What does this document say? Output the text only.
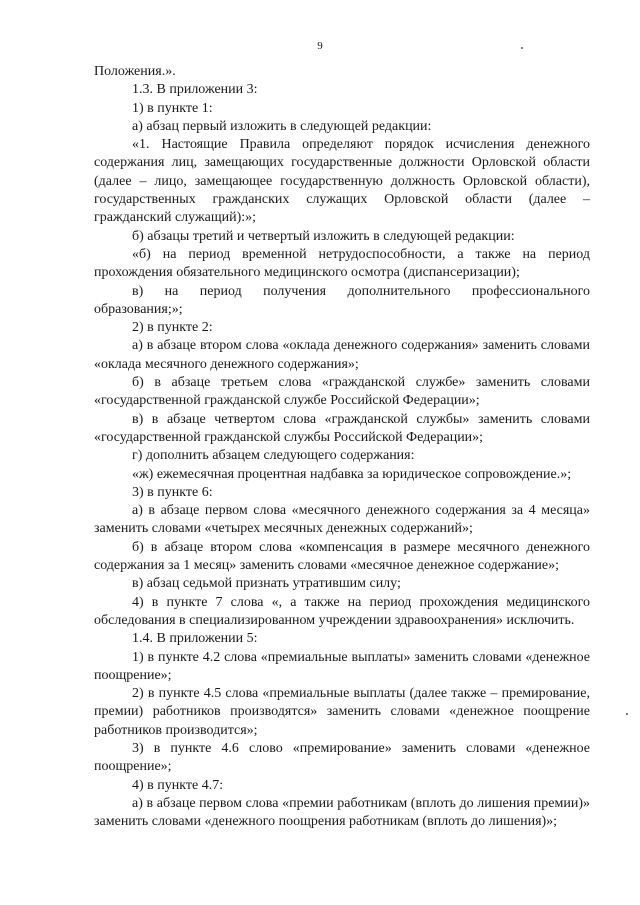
9

Положения.».

1.3. В приложении 3:

1) в пункте 1:

а) абзац первый изложить в следующей редакции:

«1. Настоящие Правила определяют порядок исчисления денежного содержания лиц, замещающих государственные должности Орловской области (далее – лицо, замещающее государственную должность Орловской области), государственных гражданских служащих Орловской области (далее – гражданский служащий):»;

б) абзацы третий и четвертый изложить в следующей редакции:

«б) на период временной нетрудоспособности, а также на период прохождения обязательного медицинского осмотра (диспансеризации);

в) на период получения дополнительного профессионального образования;»;

2) в пункте 2:

а) в абзаце втором слова «оклада денежного содержания» заменить словами «оклада месячного денежного содержания»;

б) в абзаце третьем слова «гражданской службе» заменить словами «государственной гражданской службе Российской Федерации»;

в) в абзаце четвертом слова «гражданской службы» заменить словами «государственной гражданской службы Российской Федерации»;

г) дополнить абзацем следующего содержания:

«ж) ежемесячная процентная надбавка за юридическое сопровождение.»;

3) в пункте 6:

а) в абзаце первом слова «месячного денежного содержания за 4 месяца» заменить словами «четырех месячных денежных содержаний»;

б) в абзаце втором слова «компенсация в размере месячного денежного содержания за 1 месяц» заменить словами «месячное денежное содержание»;

в) абзац седьмой признать утратившим силу;

4) в пункте 7 слова «, а также на период прохождения медицинского обследования в специализированном учреждении здравоохранения» исключить.

1.4. В приложении 5:

1) в пункте 4.2 слова «премиальные выплаты» заменить словами «денежное поощрение»;

2) в пункте 4.5 слова «премиальные выплаты (далее также – премирование, премии) работников производятся» заменить словами «денежное поощрение работников производится»;

3) в пункте 4.6 слово «премирование» заменить словами «денежное поощрение»;

4) в пункте 4.7:

а) в абзаце первом слова «премии работникам (вплоть до лишения премии)» заменить словами «денежного поощрения работникам (вплоть до лишения)»;
